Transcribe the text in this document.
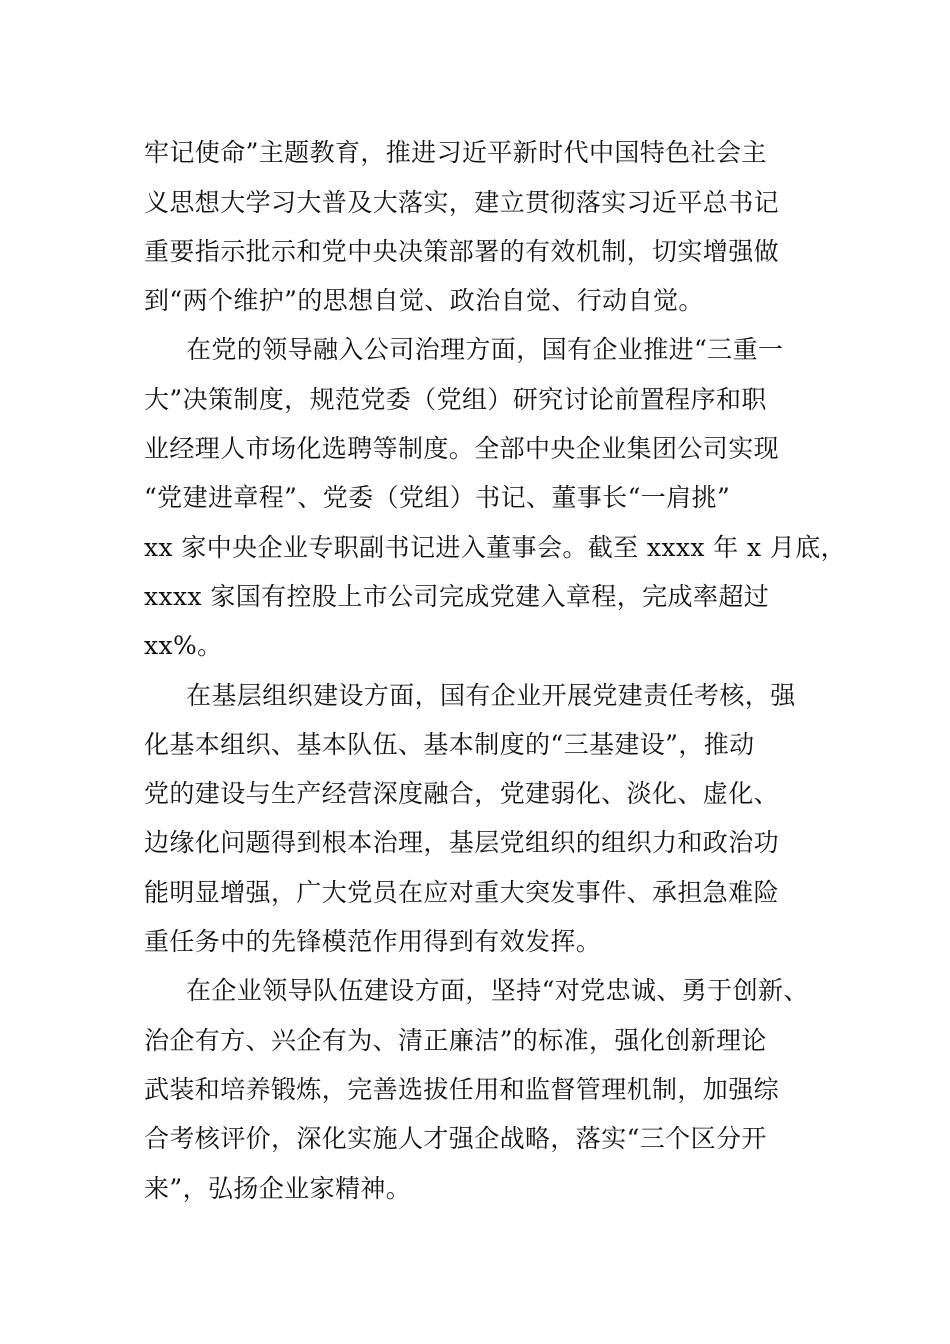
牢记使命”主题教育，推进习近平新时代中国特色社会主
义思想大学习大普及大落实，建立贯彻落实习近平总书记
重要指示批示和党中央决策部署的有效机制，切实增强做
到“两个维护”的思想自觉、政治自觉、行动自觉。
在党的领导融入公司治理方面，国有企业推进“三重一
大”决策制度，规范党委（党组）研究讨论前置程序和职
业经理人市场化选聘等制度。全部中央企业集团公司实现
“党建进章程”、党委（党组）书记、董事长“一肩挑”
xx 家中央企业专职副书记进入董事会。截至 xxxx 年 x 月底，
xxxx 家国有控股上市公司完成党建入章程，完成率超过
xx%。
在基层组织建设方面，国有企业开展党建责任考核，强
化基本组织、基本队伍、基本制度的“三基建设”，推动
党的建设与生产经营深度融合，党建弱化、淡化、虚化、
边缘化问题得到根本治理，基层党组织的组织力和政治功
能明显增强，广大党员在应对重大突发事件、承担急难险
重任务中的先锋模范作用得到有效发挥。
在企业领导队伍建设方面，坚持“对党忠诚、勇于创新、
治企有方、兴企有为、清正廉洁”的标准，强化创新理论
武装和培养锻炼，完善选拔任用和监督管理机制，加强综
合考核评价，深化实施人才强企战略，落实“三个区分开
来”，弘扬企业家精神。
